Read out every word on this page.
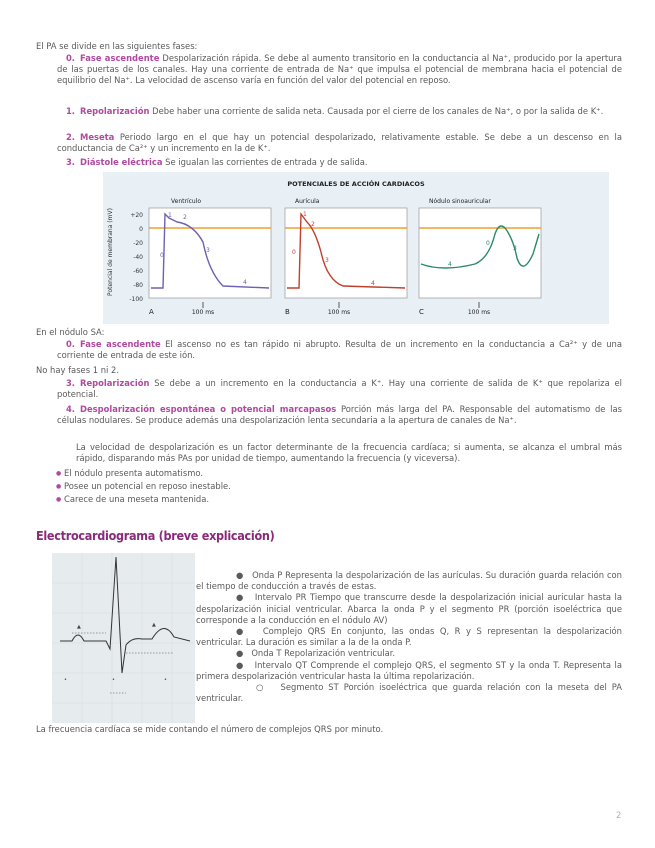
El PA se divide en las siguientes fases:
0. Fase ascendente Despolarización rápida. Se debe al aumento transitorio en la conductancia al Na⁺, producido por la apertura de las puertas de los canales. Hay una corriente de entrada de Na⁺ que impulsa el potencial de membrana hacia el potencial de equilibrio del Na⁺. La velocidad de ascenso varía en función del valor del potencial en reposo.
1. Repolarización Debe haber una corriente de salida neta. Causada por el cierre de los canales de Na⁺, o por la salida de K⁺.
2. Meseta Periodo largo en el que hay un potencial despolarizado, relativamente estable. Se debe a un descenso en la conductancia de Ca²⁺ y un incremento en la de K⁺.
3. Diástole eléctrica Se igualan las corrientes de entrada y de salida.
POTENCIALES DE ACCIÓN CARDIACOS
Potencial de membrana (mV)	+20
0
-20
-40
-60
-80
-100
Ventrículo
0
1 2
3
4
A	100 ms
Aurícula
0
1
2
3
4
B	100 ms
Nódulo sinoauricular
0
3
4
C	100 ms
En el nódulo SA:
0. Fase ascendente El ascenso no es tan rápido ni abrupto. Resulta de un incremento en la conductancia a Ca²⁺ y de una corriente de entrada de este ión.
No hay fases 1 ni 2.
3. Repolarización Se debe a un incremento en la conductancia a K⁺. Hay una corriente de salida de K⁺ que repolariza el potencial.
4. Despolarización espontánea o potencial marcapasos Porción más larga del PA. Responsable del automatismo de las células nodulares. Se produce además una despolarización lenta secundaria a la apertura de canales de Na⁺.
La velocidad de despolarización es un factor determinante de la frecuencia cardíaca; si aumenta, se alcanza el umbral más rápido, disparando más PAs por unidad de tiempo, aumentando la frecuencia (y viceversa).
● El nódulo presenta automatismo.
● Posee un potencial en reposo inestable.
● Carece de una meseta mantenida.
Electrocardiograma (breve explicación)
▲	▲
•	•	•

● Onda P Representa la despolarización de las aurículas. Su duración guarda relación con el tiempo de conducción a través de estas.

● Intervalo PR Tiempo que transcurre desde la despolarización inicial auricular hasta la despolarización inicial ventricular. Abarca la onda P y el segmento PR (porción isoeléctrica que corresponde a la conducción en el nódulo AV)

● Complejo QRS En conjunto, las ondas Q, R y S representan la despolarización ventricular. La duración es similar a la de la onda P.

● Onda T Repolarización ventricular.

● Intervalo QT Comprende el complejo QRS, el segmento ST y la onda T. Representa la primera despolarización ventricular hasta la última repolarización.

○ Segmento ST Porción isoeléctrica que guarda relación con la meseta del PA ventricular.

La frecuencia cardíaca se mide contando el número de complejos QRS por minuto.
2
